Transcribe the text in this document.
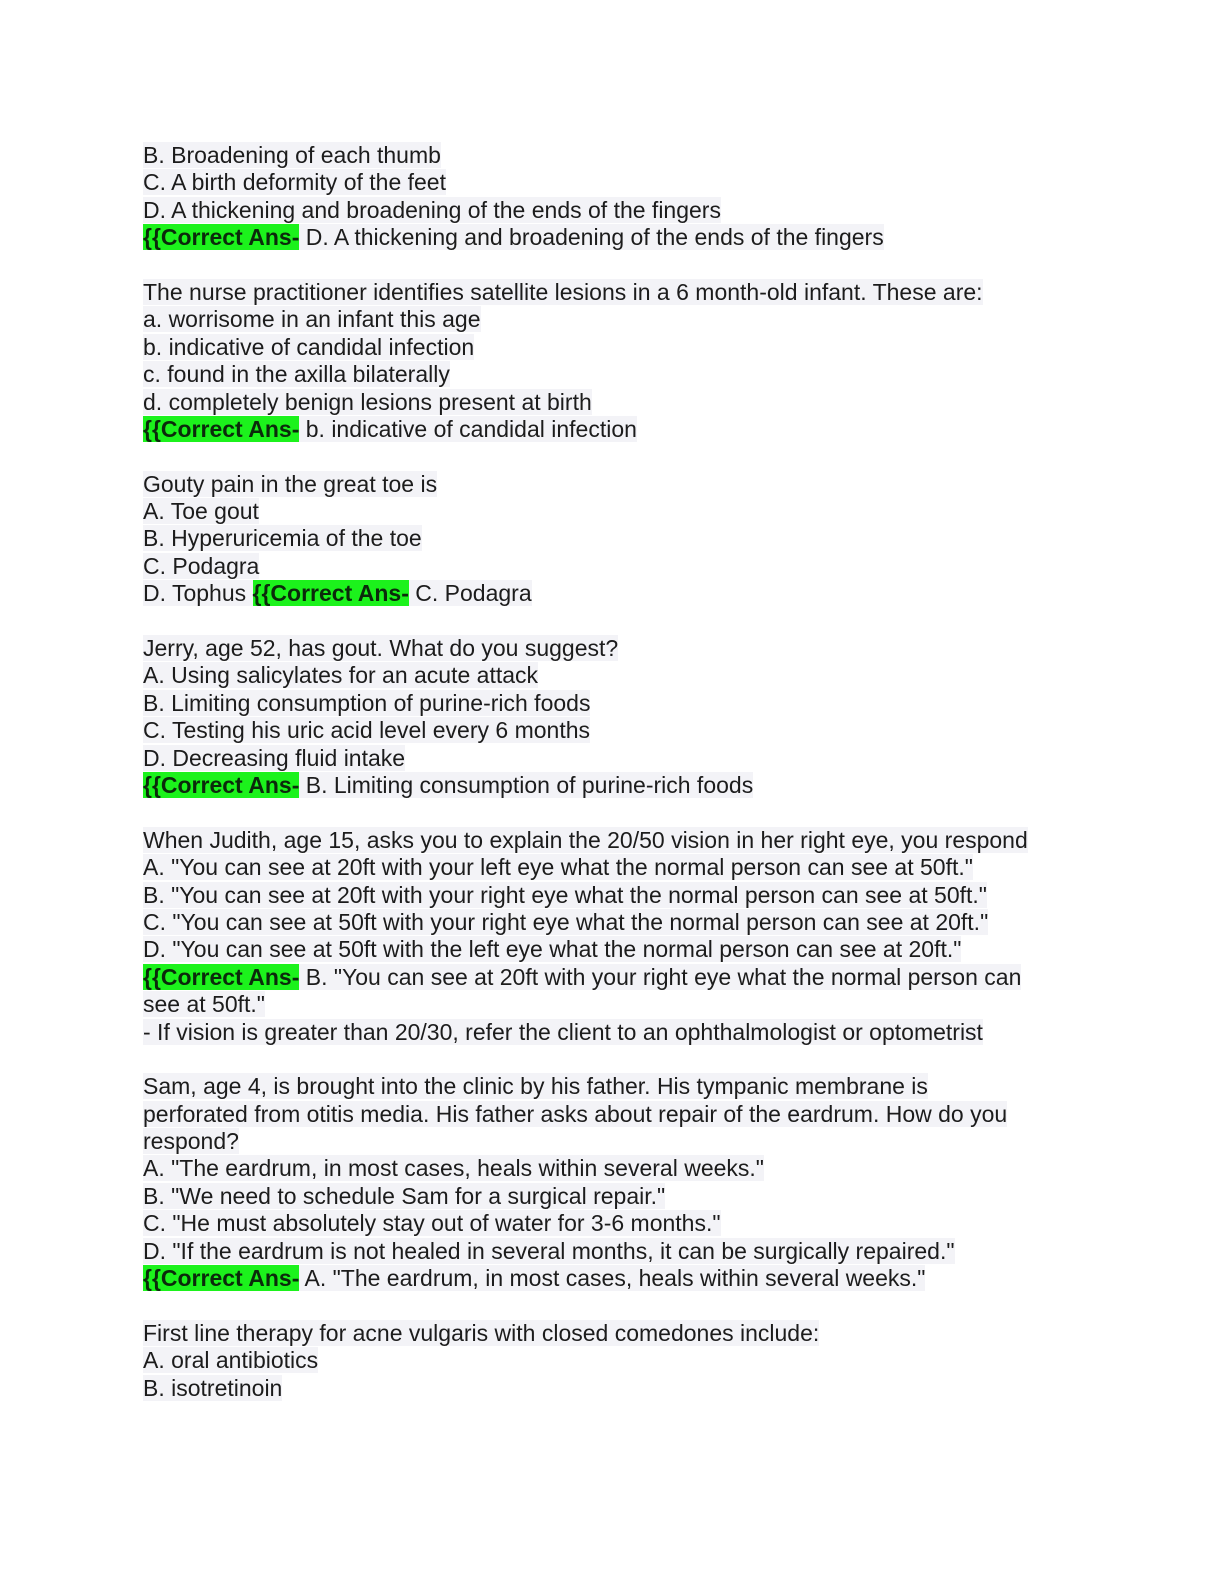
B. Broadening of each thumb
C. A birth deformity of the feet
D. A thickening and broadening of the ends of the fingers
{{Correct Ans- D. A thickening and broadening of the ends of the fingers
The nurse practitioner identifies satellite lesions in a 6 month-old infant. These are:
a. worrisome in an infant this age
b. indicative of candidal infection
c. found in the axilla bilaterally
d. completely benign lesions present at birth
{{Correct Ans- b. indicative of candidal infection
Gouty pain in the great toe is
A. Toe gout
B. Hyperuricemia of the toe
C. Podagra
D. Tophus {{Correct Ans- C. Podagra
Jerry, age 52, has gout. What do you suggest?
A. Using salicylates for an acute attack
B. Limiting consumption of purine-rich foods
C. Testing his uric acid level every 6 months
D. Decreasing fluid intake
{{Correct Ans- B. Limiting consumption of purine-rich foods
When Judith, age 15, asks you to explain the 20/50 vision in her right eye, you respond
A. "You can see at 20ft with your left eye what the normal person can see at 50ft."
B. "You can see at 20ft with your right eye what the normal person can see at 50ft."
C. "You can see at 50ft with your right eye what the normal person can see at 20ft."
D. "You can see at 50ft with the left eye what the normal person can see at 20ft."
{{Correct Ans- B. "You can see at 20ft with your right eye what the normal person can
see at 50ft."
- If vision is greater than 20/30, refer the client to an ophthalmologist or optometrist
Sam, age 4, is brought into the clinic by his father. His tympanic membrane is
perforated from otitis media. His father asks about repair of the eardrum. How do you
respond?
A. "The eardrum, in most cases, heals within several weeks."
B. "We need to schedule Sam for a surgical repair."
C. "He must absolutely stay out of water for 3-6 months."
D. "If the eardrum is not healed in several months, it can be surgically repaired."
{{Correct Ans- A. "The eardrum, in most cases, heals within several weeks."
First line therapy for acne vulgaris with closed comedones include:
A. oral antibiotics
B. isotretinoin
